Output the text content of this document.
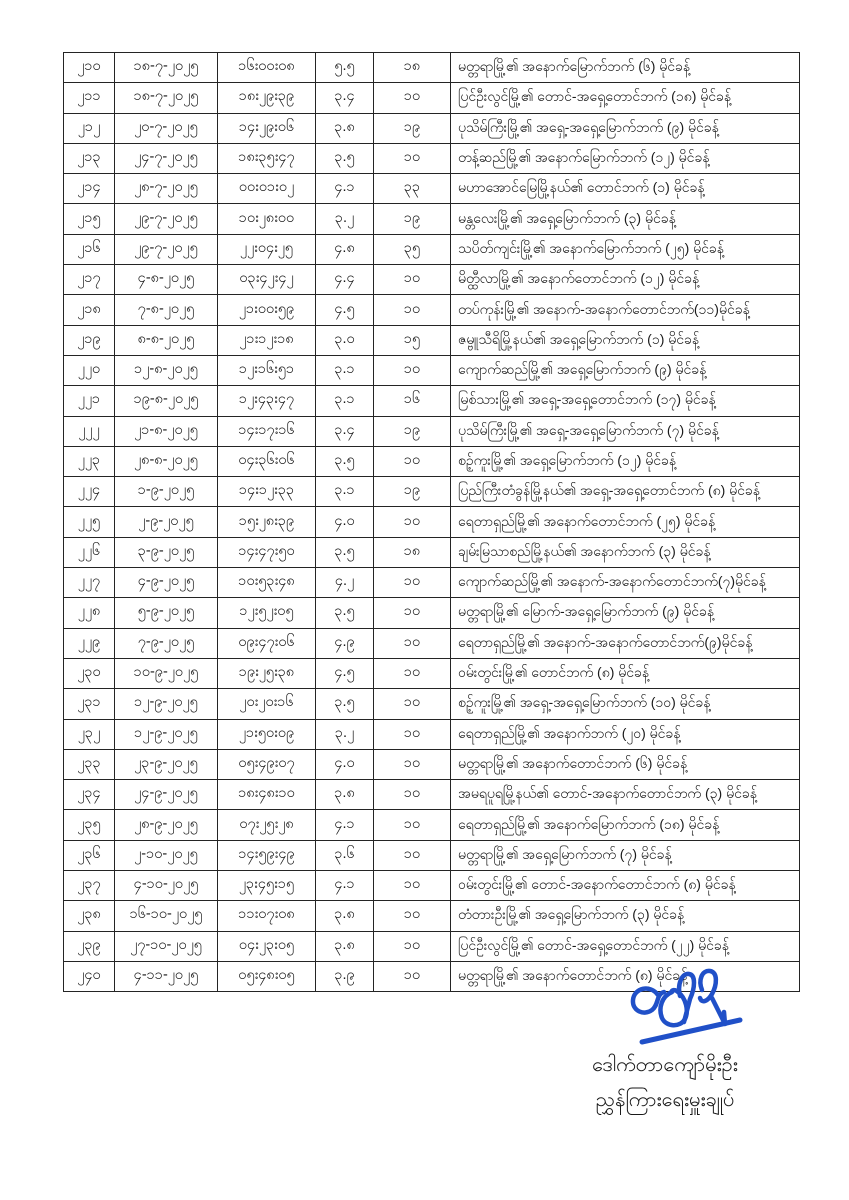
၂၁၀	၁၈-၇-၂၀၂၅	၁၆း၀၀း၀၈	၅.၅	၁၈	မတ္တရာမြို့၏ အနောက်မြောက်ဘက် (၆) မိုင်ခန့်
၂၁၁	၁၈-၇-၂၀၂၅	၁၈း၂၉း၃၉	၃.၄	၁၀	ပြင်ဦးလွင်မြို့၏ တောင်-အရှေ့တောင်ဘက် (၁၈) မိုင်ခန့်
၂၁၂	၂၀-၇-၂၀၂၅	၁၄း၂၉း၀၆	၃.၈	၁၉	ပုသိမ်ကြီးမြို့၏ အရှေ့-အရှေ့မြောက်ဘက် (၉) မိုင်ခန့်
၂၁၃	၂၄-၇-၂၀၂၅	၁၈း၃၅း၄၇	၃.၅	၁၀	တန့်ဆည်မြို့၏ အနောက်မြောက်ဘက် (၁၂) မိုင်ခန့်
၂၁၄	၂၈-၇-၂၀၂၅	၀၀း၀၁း၀၂	၄.၁	၃၃	မဟာအောင်မြေမြို့နယ်၏ တောင်ဘက် (၁) မိုင်ခန့်
၂၁၅	၂၉-၇-၂၀၂၅	၁၀း၂၈း၀၀	၃.၂	၁၉	မန္တလေးမြို့၏ အရှေ့မြောက်ဘက် (၃) မိုင်ခန့်
၂၁၆	၂၉-၇-၂၀၂၅	၂၂း၀၄း၂၅	၄.၈	၃၅	သပိတ်ကျင်းမြို့၏ အနောက်မြောက်ဘက် (၂၅) မိုင်ခန့်
၂၁၇	၄-၈-၂၀၂၅	၀၃း၄၂း၄၂	၄.၄	၁၀	မိတ္ထီလာမြို့၏ အနောက်တောင်ဘက် (၁၂) မိုင်ခန့်
၂၁၈	၇-၈-၂၀၂၅	၂၁း၀၀း၅၉	၄.၅	၁၀	တပ်ကုန်းမြို့၏ အနောက်-အနောက်တောင်ဘက်(၁၁)မိုင်ခန့်
၂၁၉	၈-၈-၂၀၂၅	၂၁း၁၂း၁၈	၃.၀	၁၅	ဇမ္ဗူသီရိမြို့နယ်၏ အရှေ့မြောက်ဘက် (၁) မိုင်ခန့်
၂၂၀	၁၂-၈-၂၀၂၅	၁၂း၁၆း၅၁	၃.၁	၁၀	ကျောက်ဆည်မြို့၏ အရှေ့မြောက်ဘက် (၉) မိုင်ခန့်
၂၂၁	၁၉-၈-၂၀၂၅	၁၂း၄၃း၄၇	၃.၁	၁၆	မြစ်သားမြို့၏ အရှေ့-အရှေ့တောင်ဘက် (၁၇) မိုင်ခန့်
၂၂၂	၂၁-၈-၂၀၂၅	၁၄း၁၇း၁၆	၃.၄	၁၉	ပုသိမ်ကြီးမြို့၏ အရှေ့-အရှေ့မြောက်ဘက် (၇) မိုင်ခန့်
၂၂၃	၂၈-၈-၂၀၂၅	၀၄း၃၆း၀၆	၃.၅	၁၀	စဉ့်ကူးမြို့၏ အရှေ့မြောက်ဘက် (၁၂) မိုင်ခန့်
၂၂၄	၁-၉-၂၀၂၅	၁၄း၁၂း၃၃	၃.၁	၁၉	ပြည်ကြီးတံခွန်မြို့နယ်၏ အရှေ့-အရှေ့တောင်ဘက် (၈) မိုင်ခန့်
၂၂၅	၂-၉-၂၀၂၅	၁၅း၂၈း၃၉	၄.၀	၁၀	ရေတာရှည်မြို့၏ အနောက်တောင်ဘက် (၂၅) မိုင်ခန့်
၂၂၆	၃-၉-၂၀၂၅	၁၄း၄၇း၅၀	၃.၅	၁၈	ချမ်းမြသာစည်မြို့နယ်၏ အနောက်ဘက် (၃) မိုင်ခန့်
၂၂၇	၄-၉-၂၀၂၅	၁၀း၅၃း၄၈	၄.၂	၁၀	ကျောက်ဆည်မြို့၏ အနောက်-အနောက်တောင်ဘက်(၇)မိုင်ခန့်
၂၂၈	၅-၉-၂၀၂၅	၁၂း၅၂း၀၅	၃.၅	၁၀	မတ္တရာမြို့၏ မြောက်-အရှေ့မြောက်ဘက် (၉) မိုင်ခန့်
၂၂၉	၇-၉-၂၀၂၅	၀၉း၄၇း၀၆	၄.၉	၁၀	ရေတာရှည်မြို့၏ အနောက်-အနောက်တောင်ဘက်(၉)မိုင်ခန့်
၂၃၀	၁၀-၉-၂၀၂၅	၁၉း၂၅း၃၈	၄.၅	၁၀	ဝမ်းတွင်းမြို့၏ တောင်ဘက် (၈) မိုင်ခန့်
၂၃၁	၁၂-၉-၂၀၂၅	၂၀း၂၀း၁၆	၃.၅	၁၀	စဉ့်ကူးမြို့၏ အရှေ့-အရှေ့မြောက်ဘက် (၁၀) မိုင်ခန့်
၂၃၂	၁၂-၉-၂၀၂၅	၂၁း၅၀း၀၉	၃.၂	၁၀	ရေတာရှည်မြို့၏ အနောက်ဘက် (၂၀) မိုင်ခန့်
၂၃၃	၂၃-၉-၂၀၂၅	၀၅း၄၉း၀၇	၄.၀	၁၀	မတ္တရာမြို့၏ အနောက်တောင်ဘက် (၆) မိုင်ခန့်
၂၃၄	၂၄-၉-၂၀၂၅	၁၈း၄၈း၁၀	၃.၈	၁၀	အမရပူရမြို့နယ်၏ တောင်-အနောက်တောင်ဘက် (၃) မိုင်ခန့်
၂၃၅	၂၈-၉-၂၀၂၅	၀၇း၂၅း၂၈	၄.၁	၁၀	ရေတာရှည်မြို့၏ အနောက်မြောက်ဘက် (၁၈) မိုင်ခန့်
၂၃၆	၂-၁၀-၂၀၂၅	၁၄း၅၉း၄၉	၃.၆	၁၀	မတ္တရာမြို့၏ အရှေ့မြောက်ဘက် (၇) မိုင်ခန့်
၂၃၇	၄-၁၀-၂၀၂၅	၂၃း၄၅း၁၅	၄.၁	၁၀	ဝမ်းတွင်းမြို့၏ တောင်-အနောက်တောင်ဘက် (၈) မိုင်ခန့်
၂၃၈	၁၆-၁၀-၂၀၂၅	၁၁း၀၇း၀၈	၃.၈	၁၀	တံတားဦးမြို့၏ အရှေ့မြောက်ဘက် (၃) မိုင်ခန့်
၂၃၉	၂၇-၁၀-၂၀၂၅	၀၄း၂၃း၀၅	၃.၈	၁၀	ပြင်ဦးလွင်မြို့၏ တောင်-အရှေ့တောင်ဘက် (၂၂) မိုင်ခန့်
၂၄၀	၄-၁၁-၂၀၂၅	၀၅း၄၈း၀၅	၃.၉	၁၀	မတ္တရာမြို့၏ အနောက်တောင်ဘက် (၈) မိုင်ခန့်
ဒေါက်တာကျော်မိုးဦး
ညွှန်ကြားရေးမှူးချုပ်
